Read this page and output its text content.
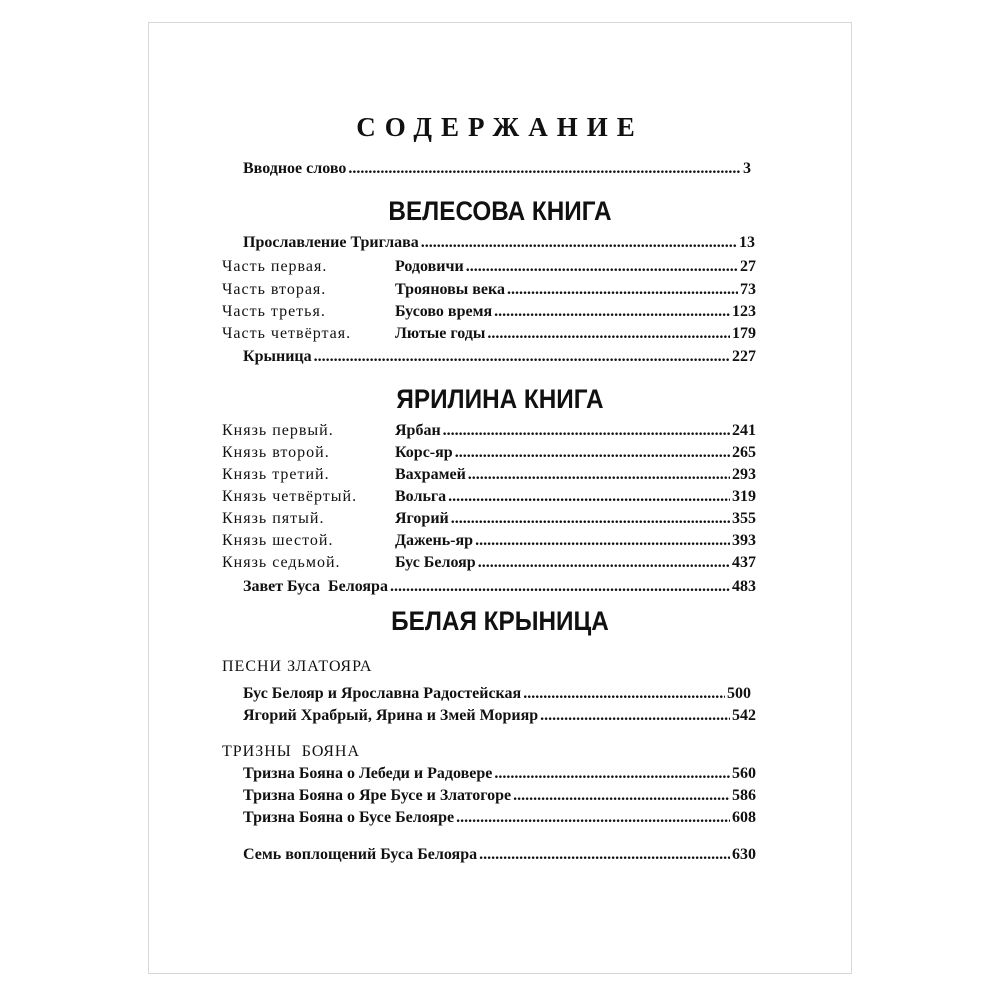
СОДЕРЖАНИЕ
Вводное слово .....	3
ВЕЛЕСОВА КНИГА
Прославление Триглава .....	13
Часть первая.	Родовичи .....	27
Часть вторая.	Трояновы века .....	73
Часть третья.	Бусово время .....	123
Часть четвёртая.	Лютые годы .....	179
Крыница .....	227
ЯРИЛИНА КНИГА
Князь первый.	Ярбан .....	241
Князь второй.	Корс-яр .....	265
Князь третий.	Вахрамей .....	293
Князь четвёртый.	Вольга .....	319
Князь пятый.	Ягорий .....	355
Князь шестой.	Дажень-яр .....	393
Князь седьмой.	Бус Белояр .....	437
Завет Буса  Белояра .....	483
БЕЛАЯ КРЫНИЦА
ПЕСНИ ЗЛАТОЯРА
Бус Белояр и Ярославна Радостейская .....	500
Ягорий Храбрый, Ярина и Змей Морияр .....	542
ТРИЗНЫ  БОЯНА
Тризна Бояна о Лебеди и Радовере .....	560
Тризна Бояна о Яре Бусе и Златогоре .....	586
Тризна Бояна о Бусе Белояре .....	608
Семь воплощений Буса Белояра .....	630
